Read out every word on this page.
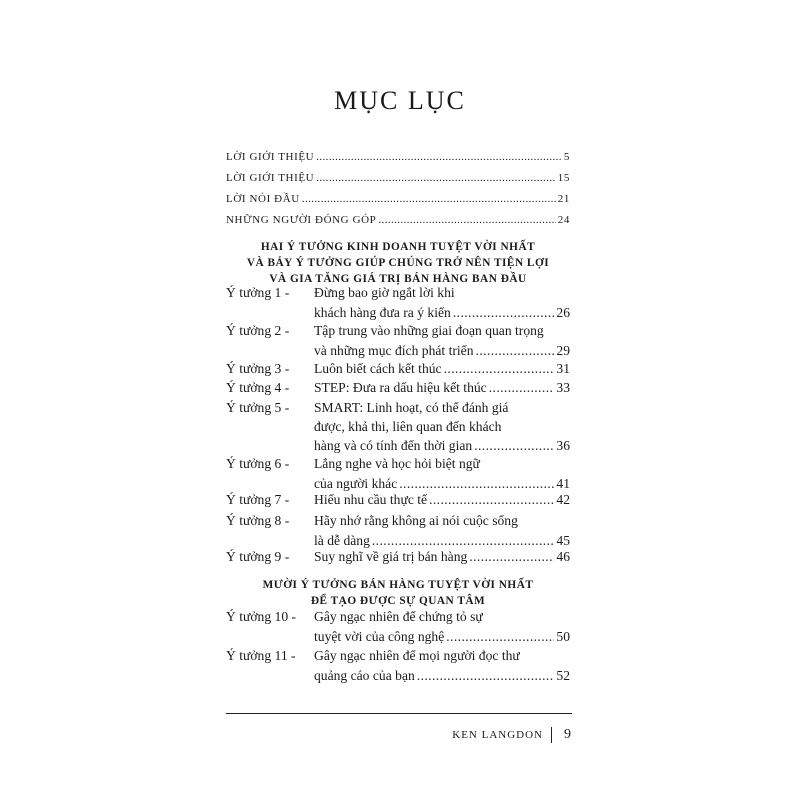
MỤC LỤC
LỜI GIỚI THIỆU .....	5
LỜI GIỚI THIỆU .....	15
LỜI NÓI ĐẦU .....	21
NHỮNG NGƯỜI ĐÓNG GÓP .....	24
HAI Ý TƯỞNG KINH DOANH TUYỆT VỜI NHẤT
VÀ BẢY Ý TƯỞNG GIÚP CHÚNG TRỞ NÊN TIỆN LỢI
VÀ GIA TĂNG GIÁ TRỊ BÁN HÀNG BAN ĐẦU
Ý tưởng 1 - Đừng bao giờ ngắt lời khi
khách hàng đưa ra ý kiến .....	26
Ý tưởng 2 - Tập trung vào những giai đoạn quan trọng
và những mục đích phát triển .....	29
Ý tưởng 3 - Luôn biết cách kết thúc .....	31
Ý tưởng 4 - STEP: Đưa ra dấu hiệu kết thúc .....	33
Ý tưởng 5 - SMART: Linh hoạt, có thể đánh giá
được, khả thi, liên quan đến khách
hàng và có tính đến thời gian .....	36
Ý tưởng 6 - Lắng nghe và học hỏi biệt ngữ
của người khác .....	41
Ý tưởng 7 - Hiểu nhu cầu thực tế .....	42
Ý tưởng 8 - Hãy nhớ rằng không ai nói cuộc sống
là dễ dàng .....	45
Ý tưởng 9 - Suy nghĩ về giá trị bán hàng .....	46
MƯỜI Ý TƯỞNG BÁN HÀNG TUYỆT VỜI NHẤT
ĐỂ TẠO ĐƯỢC SỰ QUAN TÂM
Ý tưởng 10 - Gây ngạc nhiên để chứng tỏ sự
tuyệt vời của công nghệ .....	50
Ý tưởng 11 - Gây ngạc nhiên để mọi người đọc thư
quảng cáo của bạn .....	52
KEN LANGDON 9
